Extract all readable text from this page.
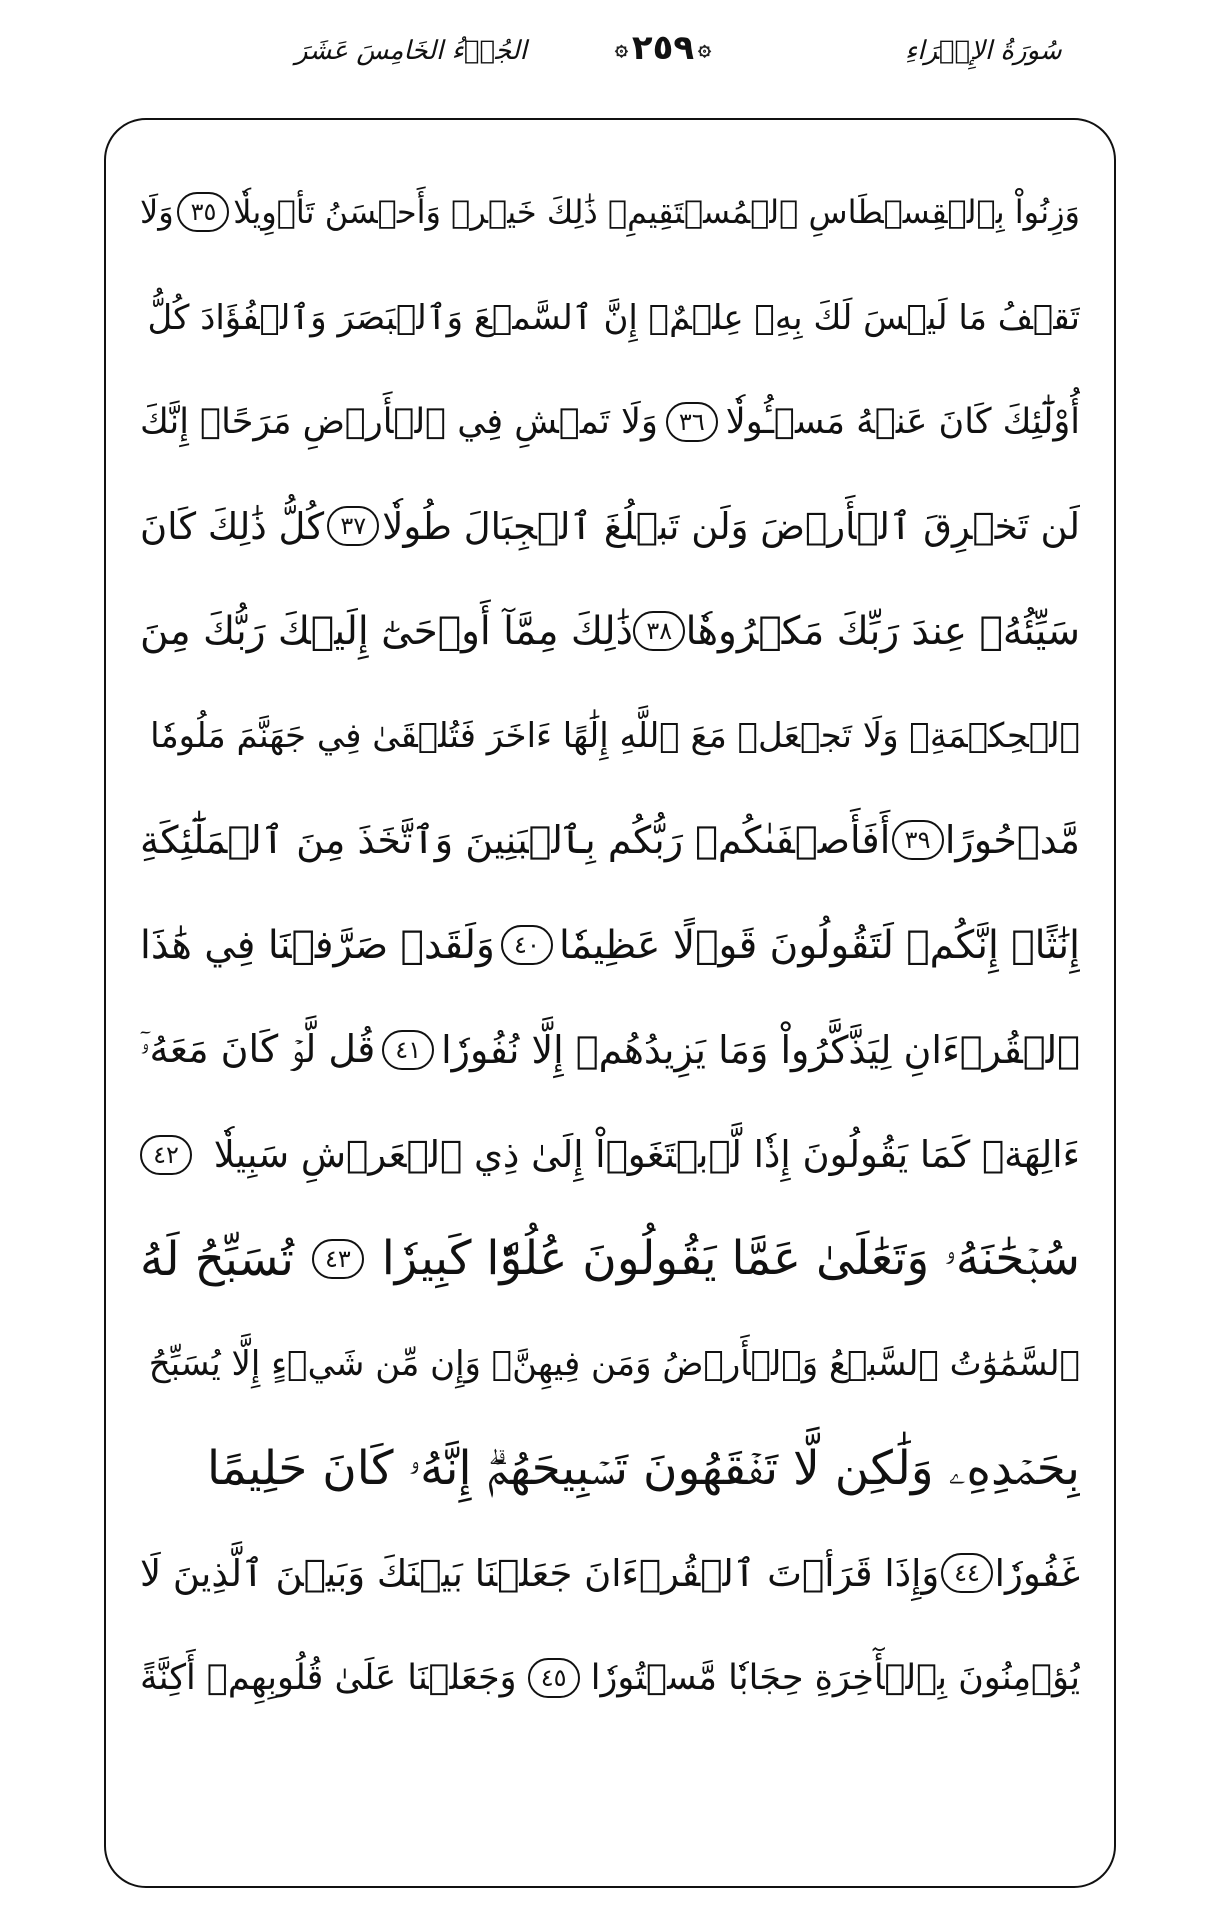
الجُزۡءُ الخَامِسَ عَشَرَ	۞
٢٥٩
۞	سُورَةُ الإِسۡرَاءِ
وَزِنُواْ بِٱلۡقِسۡطَاسِ ٱلۡمُسۡتَقِيمِۚ ذَٰلِكَ خَيۡرٞ وَأَحۡسَنُ تَأۡوِيلٗا
٣٥
وَلَا
تَقۡفُ مَا لَيۡسَ لَكَ بِهِۦ عِلۡمٌۚ إِنَّ ٱلسَّمۡعَ وَٱلۡبَصَرَ وَٱلۡفُؤَادَ كُلُّ
أُوْلَٰٓئِكَ كَانَ عَنۡهُ مَسۡـُٔولٗا
٣٦
وَلَا تَمۡشِ فِي ٱلۡأَرۡضِ مَرَحًاۖ إِنَّكَ
لَن تَخۡرِقَ ٱلۡأَرۡضَ وَلَن تَبۡلُغَ ٱلۡجِبَالَ طُولٗا
٣٧
كُلُّ ذَٰلِكَ كَانَ
سَيِّئُهُۥ عِندَ رَبِّكَ مَكۡرُوهٗا
٣٨
ذَٰلِكَ مِمَّآ أَوۡحَىٰٓ إِلَيۡكَ رَبُّكَ مِنَ
ٱلۡحِكۡمَةِۗ وَلَا تَجۡعَلۡ مَعَ ٱللَّهِ إِلَٰهًا ءَاخَرَ فَتُلۡقَىٰ فِي جَهَنَّمَ مَلُومٗا
مَّدۡحُورًا
٣٩
أَفَأَصۡفَىٰكُمۡ رَبُّكُم بِٱلۡبَنِينَ وَٱتَّخَذَ مِنَ ٱلۡمَلَٰٓئِكَةِ
إِنَٰثًاۚ إِنَّكُمۡ لَتَقُولُونَ قَوۡلًا عَظِيمٗا
٤٠
وَلَقَدۡ صَرَّفۡنَا فِي هَٰذَا
ٱلۡقُرۡءَانِ لِيَذَّكَّرُواْ وَمَا يَزِيدُهُمۡ إِلَّا نُفُورٗا
٤١
قُل لَّوۡ كَانَ مَعَهُۥٓ
ءَالِهَةٞ كَمَا يَقُولُونَ إِذٗا لَّٱبۡتَغَوۡاْ إِلَىٰ ذِي ٱلۡعَرۡشِ سَبِيلٗا
٤٢
سُبۡحَٰنَهُۥ وَتَعَٰلَىٰ عَمَّا يَقُولُونَ عُلُوّٗا كَبِيرٗا
٤٣
تُسَبِّحُ لَهُ
ٱلسَّمَٰوَٰتُ ٱلسَّبۡعُ وَٱلۡأَرۡضُ وَمَن فِيهِنَّۚ وَإِن مِّن شَيۡءٍ إِلَّا يُسَبِّحُ
بِحَمۡدِهِۦ وَلَٰكِن لَّا تَفۡقَهُونَ تَسۡبِيحَهُمۡۗ إِنَّهُۥ كَانَ حَلِيمًا
غَفُورٗا
٤٤
وَإِذَا قَرَأۡتَ ٱلۡقُرۡءَانَ جَعَلۡنَا بَيۡنَكَ وَبَيۡنَ ٱلَّذِينَ لَا
يُؤۡمِنُونَ بِٱلۡأٓخِرَةِ حِجَابٗا مَّسۡتُورٗا
٤٥
وَجَعَلۡنَا عَلَىٰ قُلُوبِهِمۡ أَكِنَّةً
